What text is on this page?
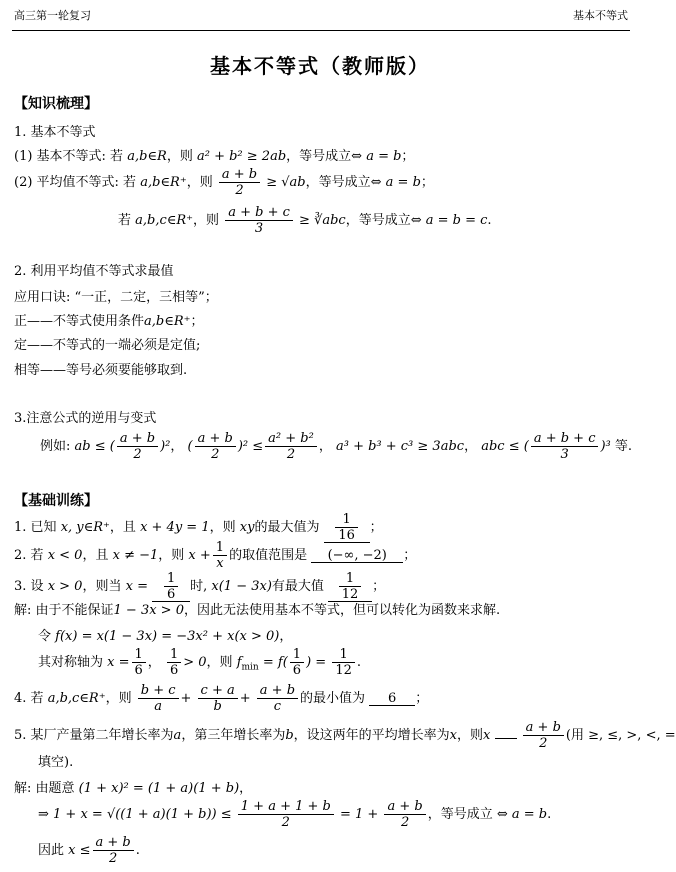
高三第一轮复习	基本不等式
基本不等式（教师版）
【知识梳理】
1. 基本不等式
(1) 基本不等式: 若 a,b∈R，则 a² + b² ≥ 2ab，等号成立⇔ a = b；
(2) 平均值不等式: 若 a,b∈R⁺，则 $\frac{a + b}{2} \ge √ab$，等号成立⇔ a = b；
若 a,b,c∈R⁺，则 $\frac{a + b + c}{3}$ ≥ ∛abc，等号成立⇔ a = b = c.
2. 利用平均值不等式求最值
应用口诀: “一正，二定，三相等”；
正——不等式使用条件a,b∈R⁺；
定——不等式的一端必须是定值;
相等——等号必须要能够取到.
3.注意公式的逆用与变式
例如: ab ≤ ( $\frac{a + b}{2} )^2$， ( $\frac{a + b}{2} )^2 \le \frac{\text{a² + b²}}{2}$ ， a³ + b³ + c³ ≥ 3abc， abc ≤ ( $\frac{a + b + c}{3} )^3$ 等.
【基础训练】
1. 已知 x, y∈R⁺，且 x + 4y = 1，则 xy的最大值为 $\frac{1}{16}$ ；
2. 若 x < 0，且 x ≠ −1，则 $x + \frac{1}{x}$ 的取值范围是 (−∞, −2) ；
3. 设 x > 0，则当 $x = \frac{1}{6}$ 时, x(1 − 3x)有最大值 $\frac{1}{12}$ ；
解: 由于不能保证1 − 3x > 0，因此无法使用基本不等式，但可以转化为函数来求解.
令 f(x) = x(1 − 3x) = −3x² + x(x > 0)，
其对称轴为 $x = \frac{1}{6}$ ， $\frac{1}{6} > 0$，则 $f_{min} = f( \frac{1}{6}$ ) = $\frac{1}{12}$ .
4. 若 a,b,c∈R⁺，则 $\frac{b + c}{a} + \frac{c + a}{b} + \frac{a + b}{c}$ 的最小值为 6 ；
5. 某厂产量第二年增长率为a，第三年增长率为b，设这两年的平均增长率为x，则x $\frac{a + b}{2}$ (用 ≥, ≤, >, <, =
填空).
解: 由题意 (1 + x)² = (1 + a)(1 + b)，
⇒ $1 + x = √((1 + a)(1 + b)) \le \frac{1 + a + 1 + b}{2} = 1 + \frac{a + b}{2}$ ，等号成立 ⇔ a = b.
因此 $x \le \frac{a + b}{2}$ .
